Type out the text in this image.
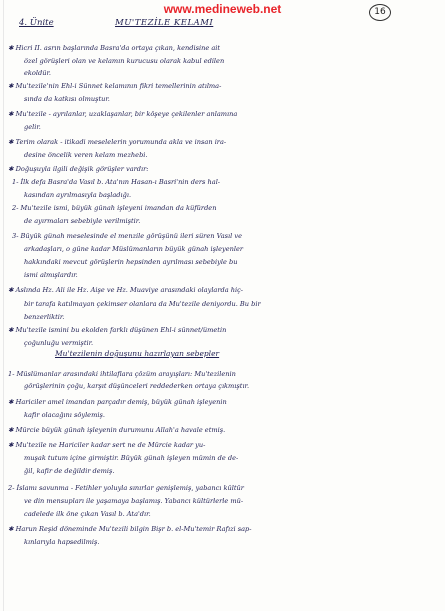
www.medineweb.net	16
4. Ünite	MU'TEZİLE KELAMI
✱ Hicri II. asrın başlarında Basra'da ortaya çıkan, kendisine ait
özel görüşleri olan ve kelamın kurucusu olarak kabul edilen
ekoldür.
✱ Mu'tezile'nin Ehl-i Sünnet kelamının fikri temellerinin atılma-
sında da katkısı olmuştur.
✱ Mu'tezile - ayrılanlar, uzaklaşanlar, bir köşeye çekilenler anlamına
gelir.
✱ Terim olarak - itikadi meselelerin yorumunda akla ve insan ira-
desine öncelik veren kelam mezhebi.
✱ Doğuşuyla ilgili değişik görüşler vardır:
1- İlk defa Basra'da Vasıl b. Ata'nın Hasan-ı Basri'nin ders hal-
kasından ayrılmasıyla başladığı.
2- Mu'tezile ismi, büyük günah işleyeni imandan da küfürden
de ayırmaları sebebiyle verilmiştir.
3- Büyük günah meselesinde el menzile görüşünü ileri süren Vasıl ve
arkadaşları, o güne kadar Müslümanların büyük günah işleyenler
hakkındaki mevcut görüşlerin hepsinden ayrılması sebebiyle bu
ismi almışlardır.
✱ Aslında Hz. Ali ile Hz. Aişe ve Hz. Muaviye arasındaki olaylarda hiç-
bir tarafa katılmayan çekimser olanlara da Mu'tezile deniyordu. Bu bir
benzerliktir.
✱ Mu'tezile ismini bu ekolden farklı düşünen Ehl-i sünnet/ümetin
çoğunluğu vermiştir.
Mu'tezilenin doğuşunu hazırlayan sebepler
1- Müslümanlar arasındaki ihtilaflara çözüm arayışları: Mu'tezilenin
görüşlerinin çoğu, karşıt düşünceleri reddederken ortaya çıkmıştır.
✱ Hariciler amel imandan parçadır demiş, büyük günah işleyenin
kafir olacağını söylemiş.
✱ Mürcie büyük günah işleyenin durumunu Allah'a havale etmiş.
✱ Mu'tezile ne Hariciler kadar sert ne de Mürcie kadar yu-
muşak tutum içine girmiştir. Büyük günah işleyen mümin de de-
ğil, kafir de değildir demiş.
2- İslamı savunma - Fetihler yoluyla sınırlar genişlemiş, yabancı kültür
ve din mensupları ile yaşamaya başlamış. Yabancı kültürlerle mü-
cadelede ilk öne çıkan Vasıl b. Ata'dır.
✱ Harun Reşid döneminde Mu'tezili bilgin Bişr b. el-Mu'temir Rafızi sap-
kınlarıyla hapsedilmiş.
